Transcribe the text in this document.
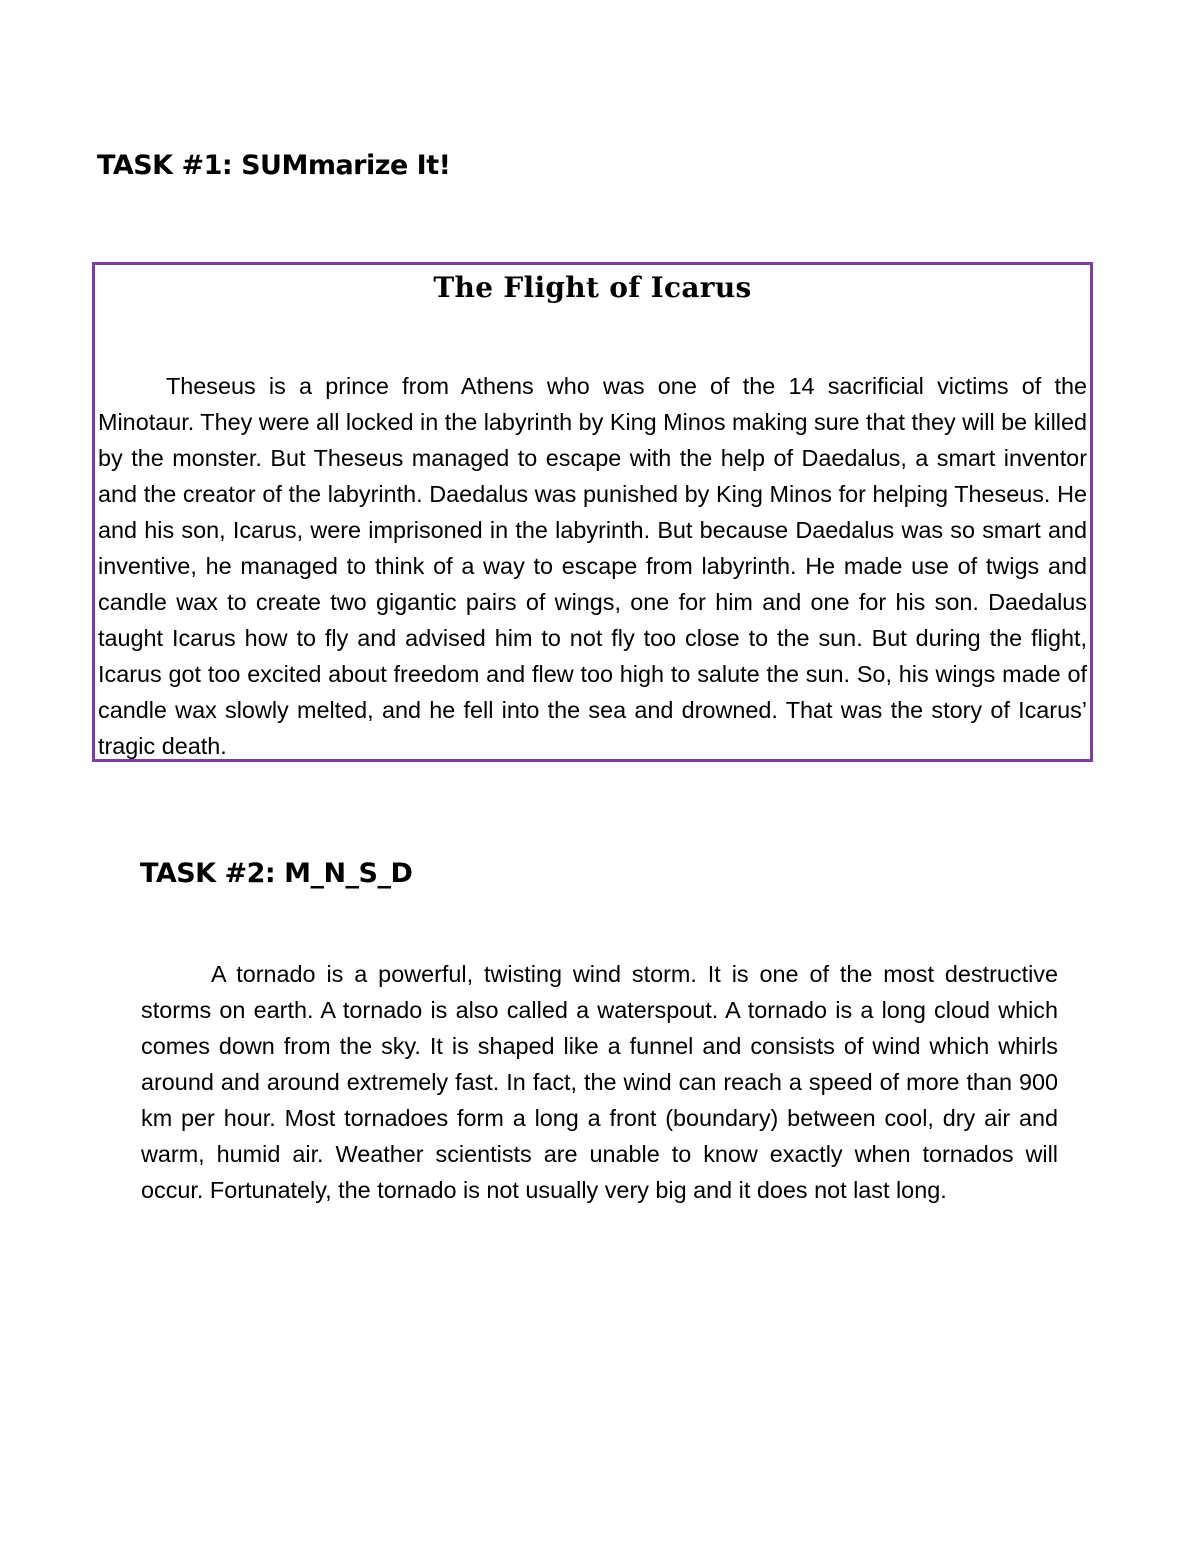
TASK #1: SUMmarize It!
The Flight of Icarus

Theseus is a prince from Athens who was one of the 14 sacrificial victims of the Minotaur. They were all locked in the labyrinth by King Minos making sure that they will be killed by the monster. But Theseus managed to escape with the help of Daedalus, a smart inventor and the creator of the labyrinth. Daedalus was punished by King Minos for helping Theseus. He and his son, Icarus, were imprisoned in the labyrinth. But because Daedalus was so smart and inventive, he managed to think of a way to escape from labyrinth. He made use of twigs and candle wax to create two gigantic pairs of wings, one for him and one for his son. Daedalus taught Icarus how to fly and advised him to not fly too close to the sun. But during the flight, Icarus got too excited about freedom and flew too high to salute the sun. So, his wings made of candle wax slowly melted, and he fell into the sea and drowned. That was the story of Icarus’ tragic death.

TASK #2: M_N_S_D

A tornado is a powerful, twisting wind storm. It is one of the most destructive storms on earth. A tornado is also called a waterspout. A tornado is a long cloud which comes down from the sky. It is shaped like a funnel and consists of wind which whirls around and around extremely fast. In fact, the wind can reach a speed of more than 900 km per hour. Most tornadoes form a long a front (boundary) between cool, dry air and warm, humid air. Weather scientists are unable to know exactly when tornados will occur. Fortunately, the tornado is not usually very big and it does not last long.
